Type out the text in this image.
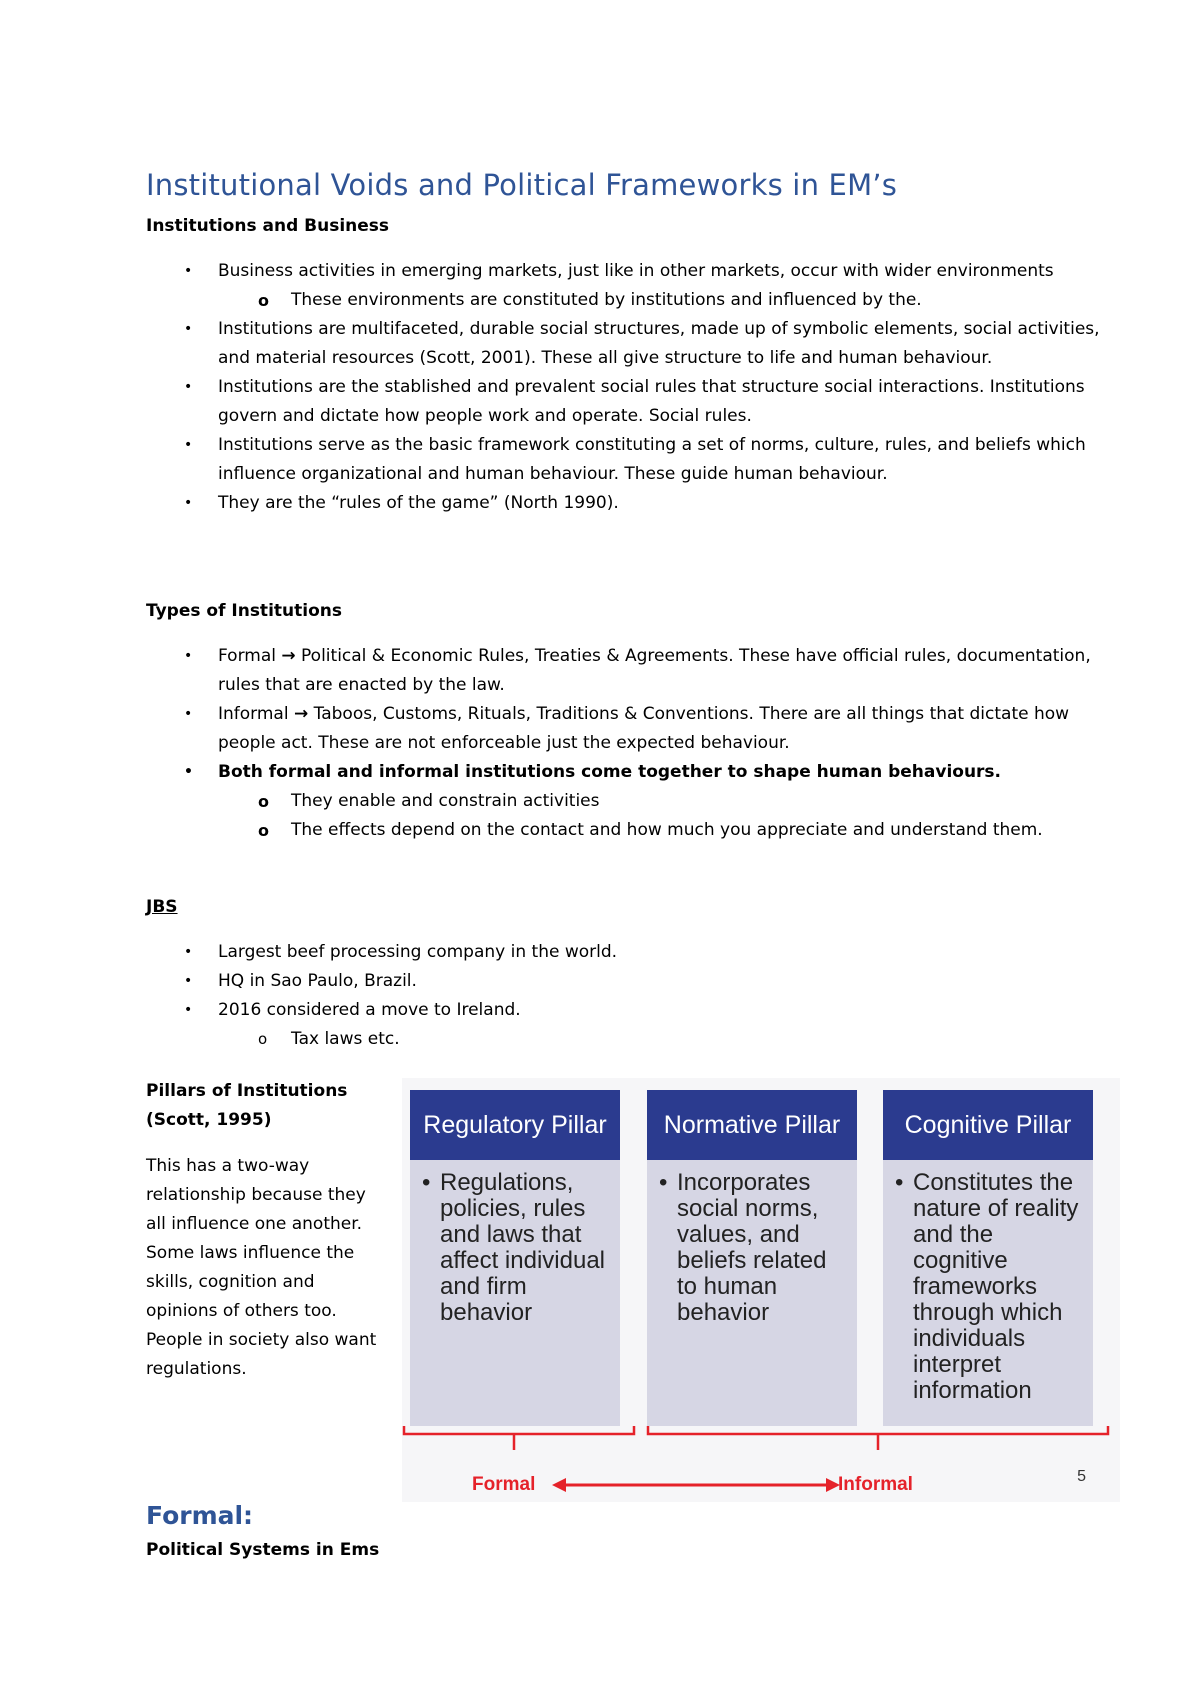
Institutional Voids and Political Frameworks in EM’s
Institutions and Business
•	Business activities in emerging markets, just like in other markets, occur with wider environments
o	These environments are constituted by institutions and influenced by the.
•	Institutions are multifaceted, durable social structures, made up of symbolic elements, social activities, and material resources (Scott, 2001). These all give structure to life and human behaviour.
•	Institutions are the stablished and prevalent social rules that structure social interactions. Institutions govern and dictate how people work and operate. Social rules.
•	Institutions serve as the basic framework constituting a set of norms, culture, rules, and beliefs which influence organizational and human behaviour. These guide human behaviour.
•	They are the “rules of the game” (North 1990).
Types of Institutions
•	Formal → Political & Economic Rules, Treaties & Agreements. These have official rules, documentation, rules that are enacted by the law.
•	Informal → Taboos, Customs, Rituals, Traditions & Conventions. There are all things that dictate how people act. These are not enforceable just the expected behaviour.
•	Both formal and informal institutions come together to shape human behaviours.
o	They enable and constrain activities
o	The effects depend on the contact and how much you appreciate and understand them.
JBS
•	Largest beef processing company in the world.
•	HQ in Sao Paulo, Brazil.
•	2016 considered a move to Ireland.
o	Tax laws etc.
Pillars of Institutions (Scott, 1995)

This has a two-way relationship because they all influence one another. Some laws influence the skills, cognition and opinions of others too. People in society also want regulations.

Regulatory Pillar
• Regulations, policies, rules and laws that affect individual and firm behavior
Normative Pillar
• Incorporates social norms, values, and beliefs related to human behavior
Cognitive Pillar
• Constitutes the nature of reality and the cognitive frameworks through which individuals interpret information
Formal	Informal	5
Formal:
Political Systems in Ems
